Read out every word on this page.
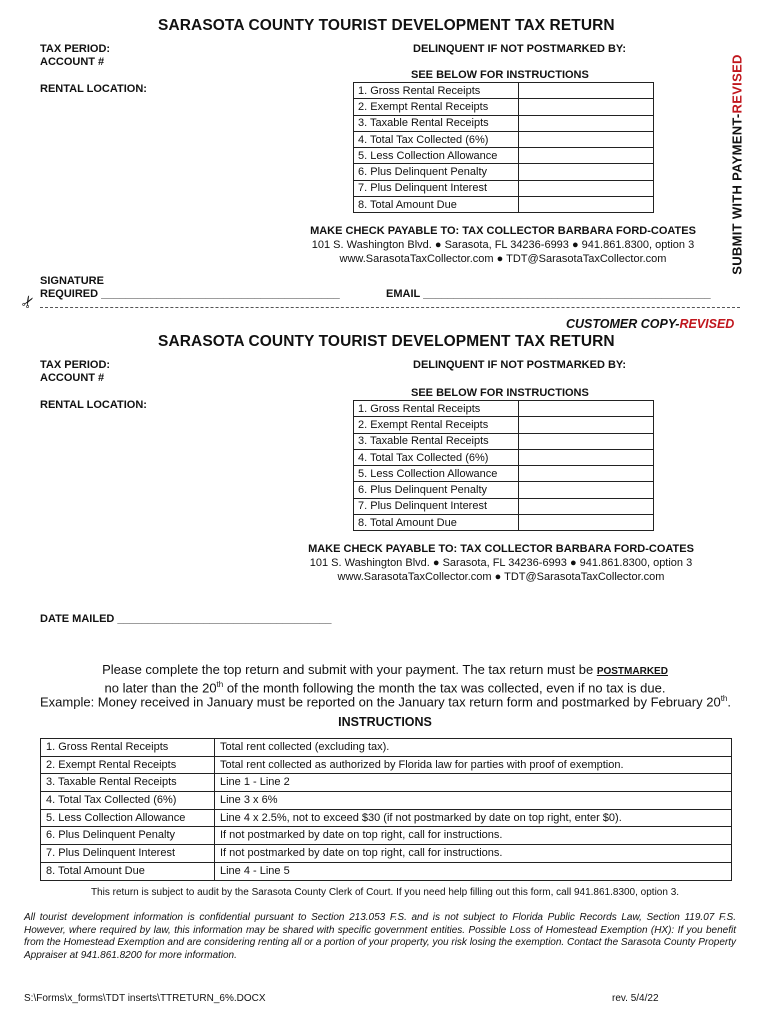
SARASOTA COUNTY TOURIST DEVELOPMENT TAX RETURN
TAX PERIOD:
ACCOUNT #
RENTAL LOCATION:
DELINQUENT IF NOT POSTMARKED BY:
SEE BELOW FOR INSTRUCTIONS
1. Gross Rental Receipts	
2. Exempt Rental Receipts	
3. Taxable Rental Receipts	
4. Total Tax Collected (6%)	
5. Less Collection Allowance	
6. Plus Delinquent Penalty	
7. Plus Delinquent Interest	
8. Total Amount Due	
MAKE CHECK PAYABLE TO: TAX COLLECTOR BARBARA FORD-COATES
101 S. Washington Blvd. ● Sarasota, FL 34236-6993 ● 941.861.8300, option 3
www.SarasotaTaxCollector.com ● TDT@SarasotaTaxCollector.com	SUBMIT WITH PAYMENT-REVISED
SIGNATURE
REQUIRED _______________________________________	EMAIL _______________________________________________
✂
CUSTOMER COPY-REVISED
SARASOTA COUNTY TOURIST DEVELOPMENT TAX RETURN
TAX PERIOD:
ACCOUNT #
RENTAL LOCATION:
DELINQUENT IF NOT POSTMARKED BY:
SEE BELOW FOR INSTRUCTIONS
1. Gross Rental Receipts	
2. Exempt Rental Receipts	
3. Taxable Rental Receipts	
4. Total Tax Collected (6%)	
5. Less Collection Allowance	
6. Plus Delinquent Penalty	
7. Plus Delinquent Interest	
8. Total Amount Due	
MAKE CHECK PAYABLE TO: TAX COLLECTOR BARBARA FORD-COATES
101 S. Washington Blvd. ● Sarasota, FL 34236-6993 ● 941.861.8300, option 3
www.SarasotaTaxCollector.com ● TDT@SarasotaTaxCollector.com
DATE MAILED ___________________________________
Please complete the top return and submit with your payment. The tax return must be POSTMARKED
no later than the 20th of the month following the month the tax was collected, even if no tax is due.
Example: Money received in January must be reported on the January tax return form and postmarked by February 20th.
INSTRUCTIONS
1. Gross Rental Receipts	Total rent collected (excluding tax).
2. Exempt Rental Receipts	Total rent collected as authorized by Florida law for parties with proof of exemption.
3. Taxable Rental Receipts	Line 1 - Line 2
4. Total Tax Collected (6%)	Line 3 x 6%
5. Less Collection Allowance	Line 4 x 2.5%, not to exceed $30 (if not postmarked by date on top right, enter $0).
6. Plus Delinquent Penalty	If not postmarked by date on top right, call for instructions.
7. Plus Delinquent Interest	If not postmarked by date on top right, call for instructions.
8. Total Amount Due	Line 4 - Line 5
This return is subject to audit by the Sarasota County Clerk of Court. If you need help filling out this form, call 941.861.8300, option 3.
All tourist development information is confidential pursuant to Section 213.053 F.S. and is not subject to Florida Public Records Law, Section 119.07 F.S. However, where required by law, this information may be shared with specific government entities. Possible Loss of Homestead Exemption (HX): If you benefit from the Homestead Exemption and are considering renting all or a portion of your property, you risk losing the exemption. Contact the Sarasota County Property Appraiser at 941.861.8200 for more information.
S:\Forms\x_forms\TDT inserts\TTRETURN_6%.DOCX	rev. 5/4/22
